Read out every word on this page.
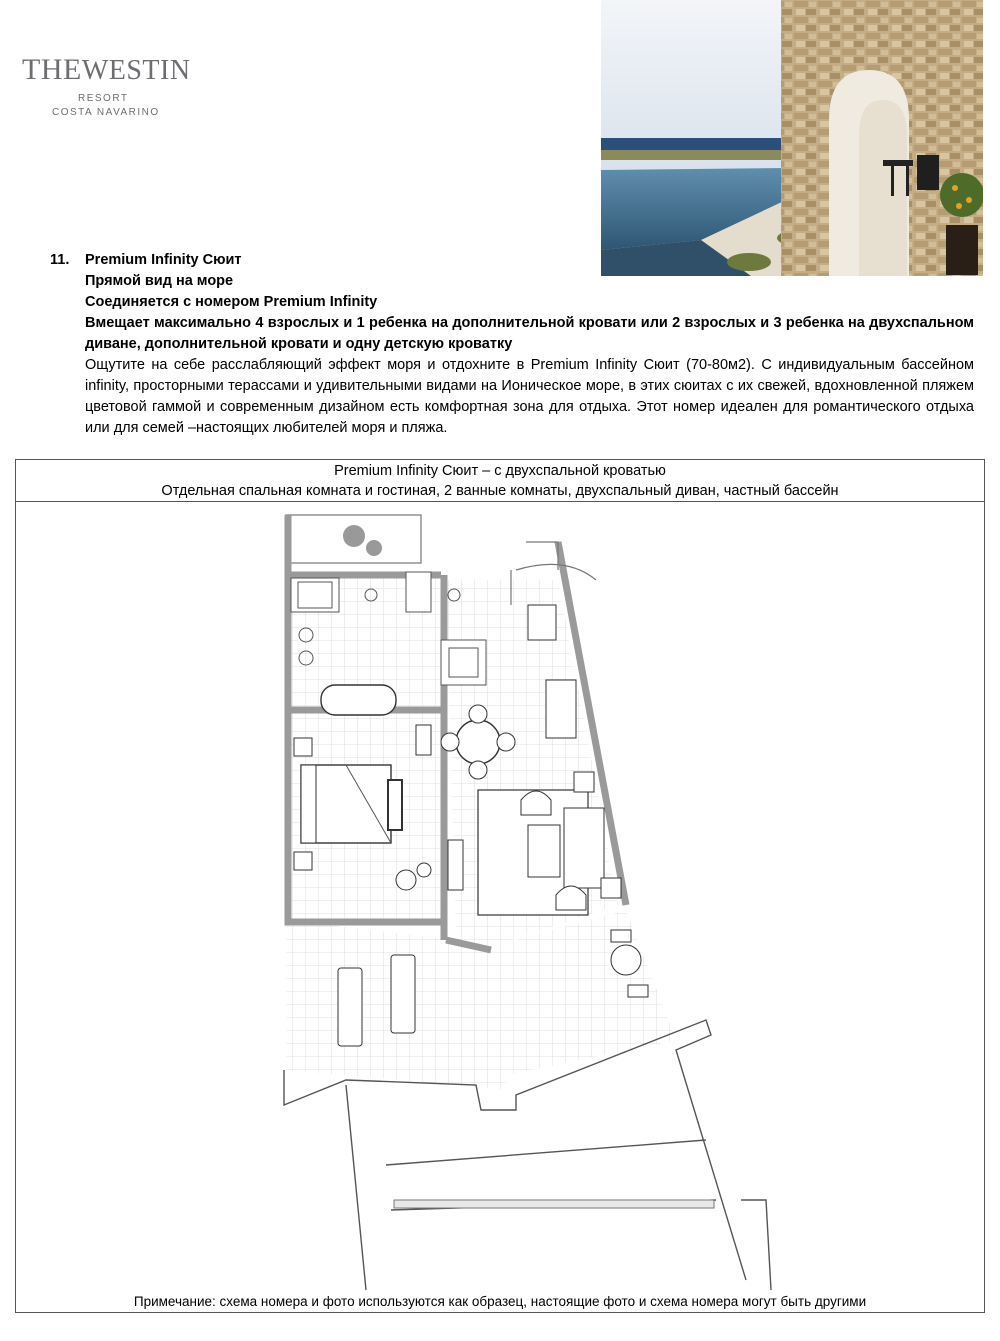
THEWESTIN
RESORT
COSTA NAVARINO
11. Premium Infinity Сюит
Прямой вид на море
Соединяется с номером Premium Infinity
Вмещает максимально 4 взрослых и 1 ребенка на дополнительной кровати или 2 взрослых и 3 ребенка на двухспальном диване, дополнительной кровати и одну детскую кроватку
Ощутите на себе расслабляющий эффект моря и отдохните в Premium Infinity Сюит (70-80м2). С индивидуальным бассейном infinity, просторными терассами и удивительными видами на Ионическое море, в этих сюитах с их свежей, вдохновленной пляжем цветовой гаммой и современным дизайном есть комфортная зона для отдыха. Этот номер идеален для романтического отдыха или для семей –настоящих любителей моря и пляжа.
Premium Infinity Сюит – с двухспальной кроватью
Отдельная спальная комната и гостиная, 2 ванные комнаты, двухспальный диван, частный бассейн
Примечание: схема номера и фото используются как образец, настоящие фото и схема номера могут быть другими
